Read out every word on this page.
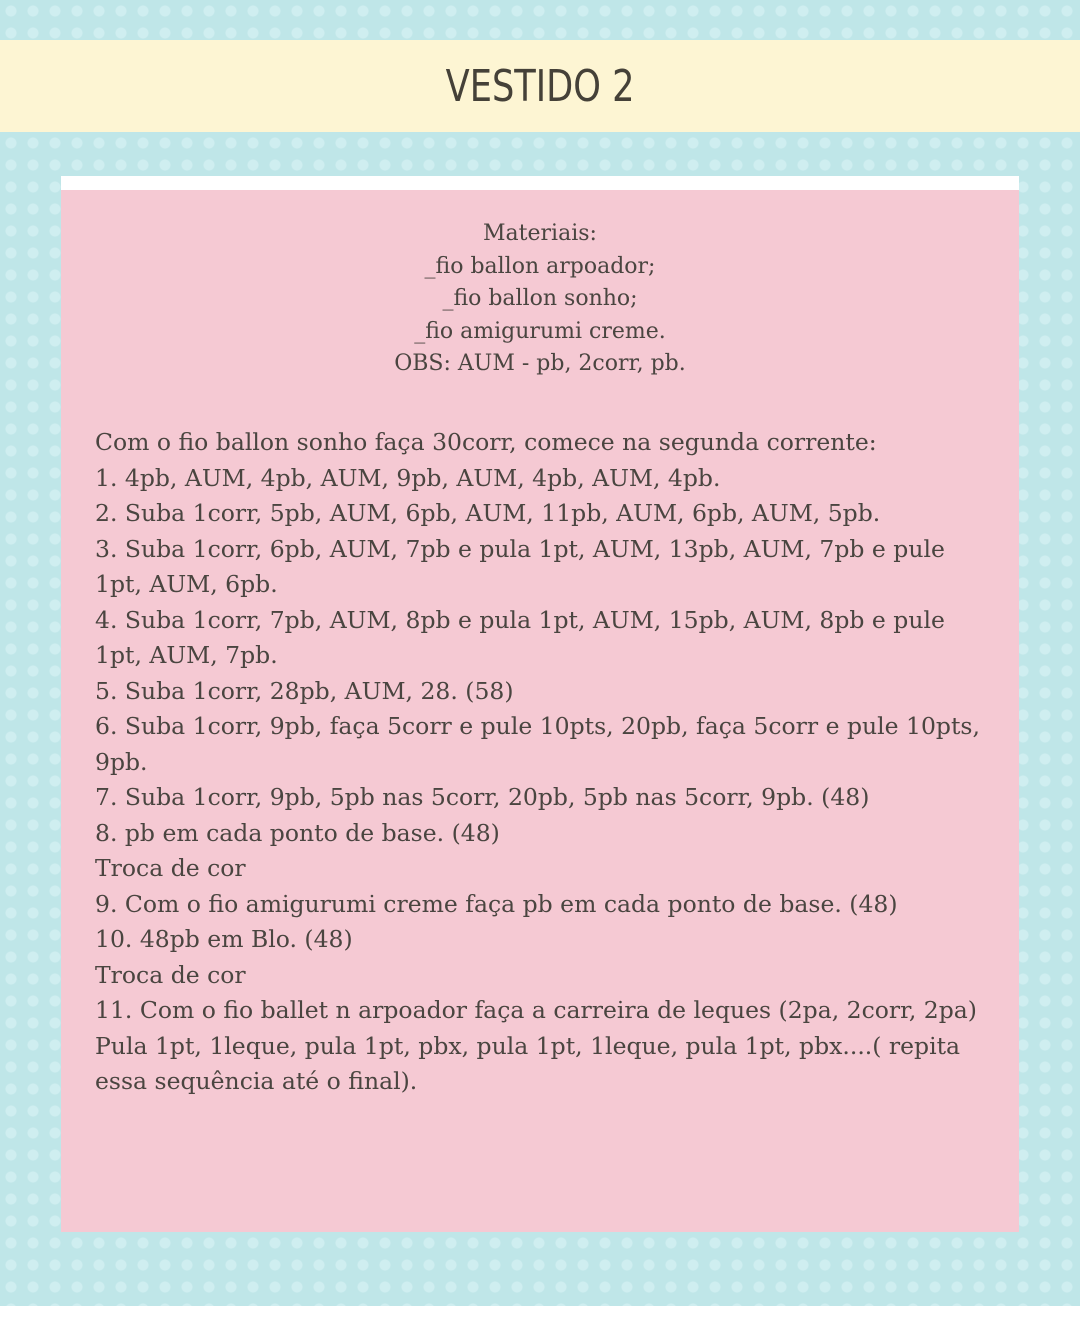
VESTIDO 2
Materiais:
_fio ballon arpoador;
_fio ballon sonho;
_fio amigurumi creme.
OBS: AUM - pb, 2corr, pb.
Com o fio ballon sonho faça 30corr, comece na segunda corrente:
1. 4pb, AUM, 4pb, AUM, 9pb, AUM, 4pb, AUM, 4pb.
2. Suba 1corr, 5pb, AUM, 6pb, AUM, 11pb, AUM, 6pb, AUM, 5pb.
3. Suba 1corr, 6pb, AUM, 7pb e pula 1pt, AUM, 13pb, AUM, 7pb e pule 1pt, AUM, 6pb.
4. Suba 1corr, 7pb, AUM, 8pb e pula 1pt, AUM, 15pb, AUM, 8pb e pule 1pt, AUM, 7pb.
5. Suba 1corr, 28pb, AUM, 28. (58)
6. Suba 1corr, 9pb, faça 5corr e pule 10pts, 20pb, faça 5corr e pule 10pts, 9pb.
7. Suba 1corr, 9pb, 5pb nas 5corr, 20pb, 5pb nas 5corr, 9pb. (48)
8. pb em cada ponto de base. (48)
Troca de cor
9. Com o fio amigurumi creme faça pb em cada ponto de base. (48)
10. 48pb em Blo. (48)
Troca de cor
11. Com o fio ballet n arpoador faça a carreira de leques (2pa, 2corr, 2pa)
Pula 1pt, 1leque, pula 1pt, pbx, pula 1pt, 1leque, pula 1pt, pbx....( repita essa sequência até o final).
